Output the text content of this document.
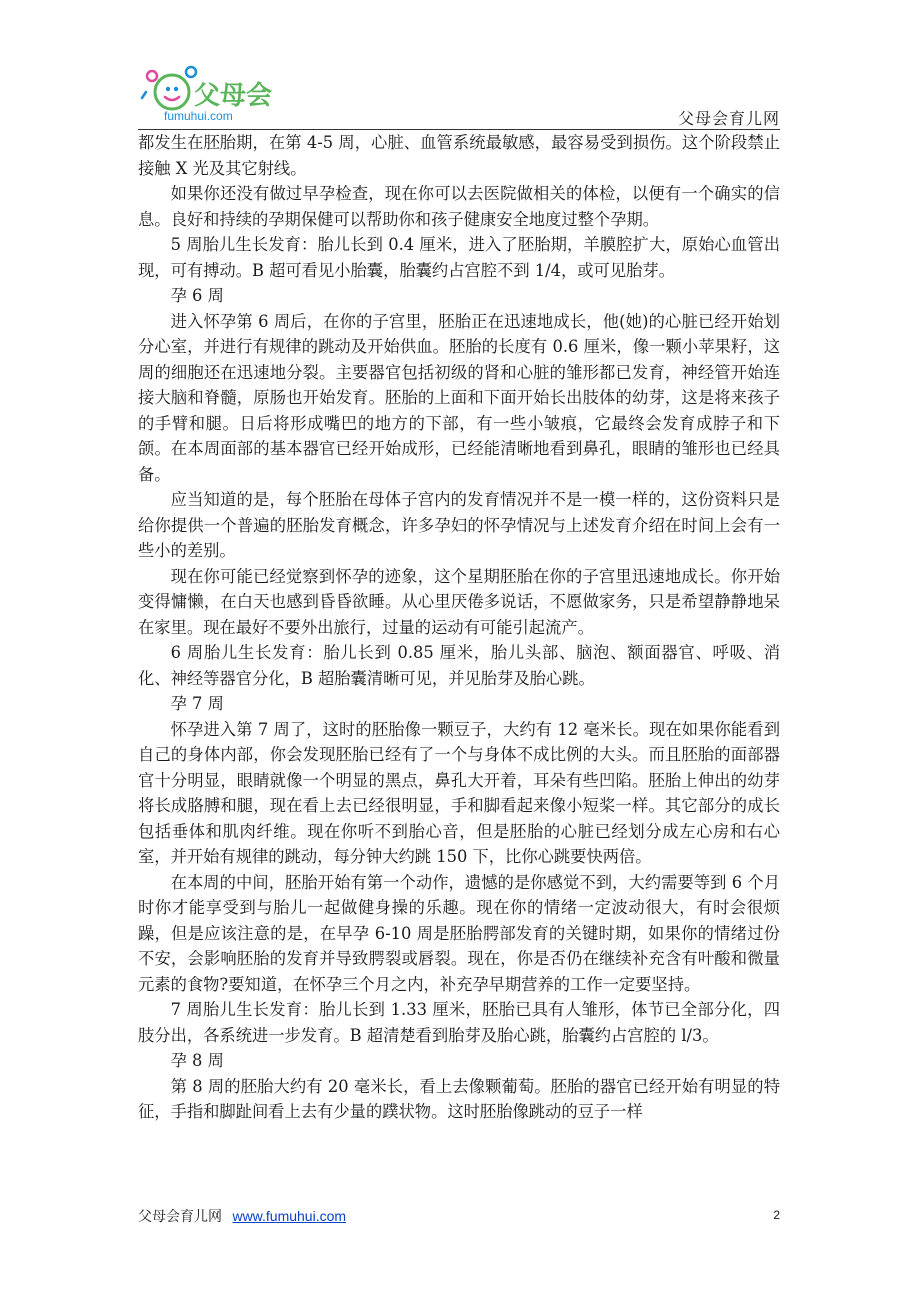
父母会
fumuhui.com	父母会育儿网

都发生在胚胎期，在第 4-5 周，心脏、血管系统最敏感，最容易受到损伤。这个阶段禁止接触 X 光及其它射线。

如果你还没有做过早孕检查，现在你可以去医院做相关的体检，以便有一个确实的信息。良好和持续的孕期保健可以帮助你和孩子健康安全地度过整个孕期。

5 周胎儿生长发育：胎儿长到 0.4 厘米，进入了胚胎期，羊膜腔扩大，原始心血管出现，可有搏动。B 超可看见小胎囊，胎囊约占宫腔不到 1/4，或可见胎芽。

孕 6 周

进入怀孕第 6 周后，在你的子宫里，胚胎正在迅速地成长，他(她)的心脏已经开始划分心室，并进行有规律的跳动及开始供血。胚胎的长度有 0.6 厘米，像一颗小苹果籽，这周的细胞还在迅速地分裂。主要器官包括初级的肾和心脏的雏形都已发育，神经管开始连接大脑和脊髓，原肠也开始发育。胚胎的上面和下面开始长出肢体的幼芽，这是将来孩子的手臂和腿。日后将形成嘴巴的地方的下部，有一些小皱痕，它最终会发育成脖子和下颌。在本周面部的基本器官已经开始成形，已经能清晰地看到鼻孔，眼睛的雏形也已经具备。

应当知道的是，每个胚胎在母体子宫内的发育情况并不是一模一样的，这份资料只是给你提供一个普遍的胚胎发育概念，许多孕妇的怀孕情况与上述发育介绍在时间上会有一些小的差别。

现在你可能已经觉察到怀孕的迹象，这个星期胚胎在你的子宫里迅速地成长。你开始变得慵懒，在白天也感到昏昏欲睡。从心里厌倦多说话，不愿做家务，只是希望静静地呆在家里。现在最好不要外出旅行，过量的运动有可能引起流产。

6 周胎儿生长发育：胎儿长到 0.85 厘米，胎儿头部、脑泡、额面器官、呼吸、消化、神经等器官分化，B 超胎囊清晰可见，并见胎芽及胎心跳。

孕 7 周

怀孕进入第 7 周了，这时的胚胎像一颗豆子，大约有 12 毫米长。现在如果你能看到自己的身体内部，你会发现胚胎已经有了一个与身体不成比例的大头。而且胚胎的面部器官十分明显，眼睛就像一个明显的黑点，鼻孔大开着，耳朵有些凹陷。胚胎上伸出的幼芽将长成胳膊和腿，现在看上去已经很明显，手和脚看起来像小短桨一样。其它部分的成长包括垂体和肌肉纤维。现在你听不到胎心音，但是胚胎的心脏已经划分成左心房和右心室，并开始有规律的跳动，每分钟大约跳 150 下，比你心跳要快两倍。

在本周的中间，胚胎开始有第一个动作，遗憾的是你感觉不到，大约需要等到 6 个月时你才能享受到与胎儿一起做健身操的乐趣。现在你的情绪一定波动很大，有时会很烦躁，但是应该注意的是，在早孕 6-10 周是胚胎腭部发育的关键时期，如果你的情绪过份不安，会影响胚胎的发育并导致腭裂或唇裂。现在，你是否仍在继续补充含有叶酸和微量元素的食物?要知道，在怀孕三个月之内，补充孕早期营养的工作一定要坚持。

7 周胎儿生长发育：胎儿长到 1.33 厘米，胚胎已具有人雏形，体节已全部分化，四肢分出，各系统进一步发育。B 超清楚看到胎芽及胎心跳，胎囊约占宫腔的 l/3。

孕 8 周

第 8 周的胚胎大约有 20 毫米长，看上去像颗葡萄。胚胎的器官已经开始有明显的特征，手指和脚趾间看上去有少量的蹼状物。这时胚胎像跳动的豆子一样

父母会育儿网 www.fumuhui.com	2
